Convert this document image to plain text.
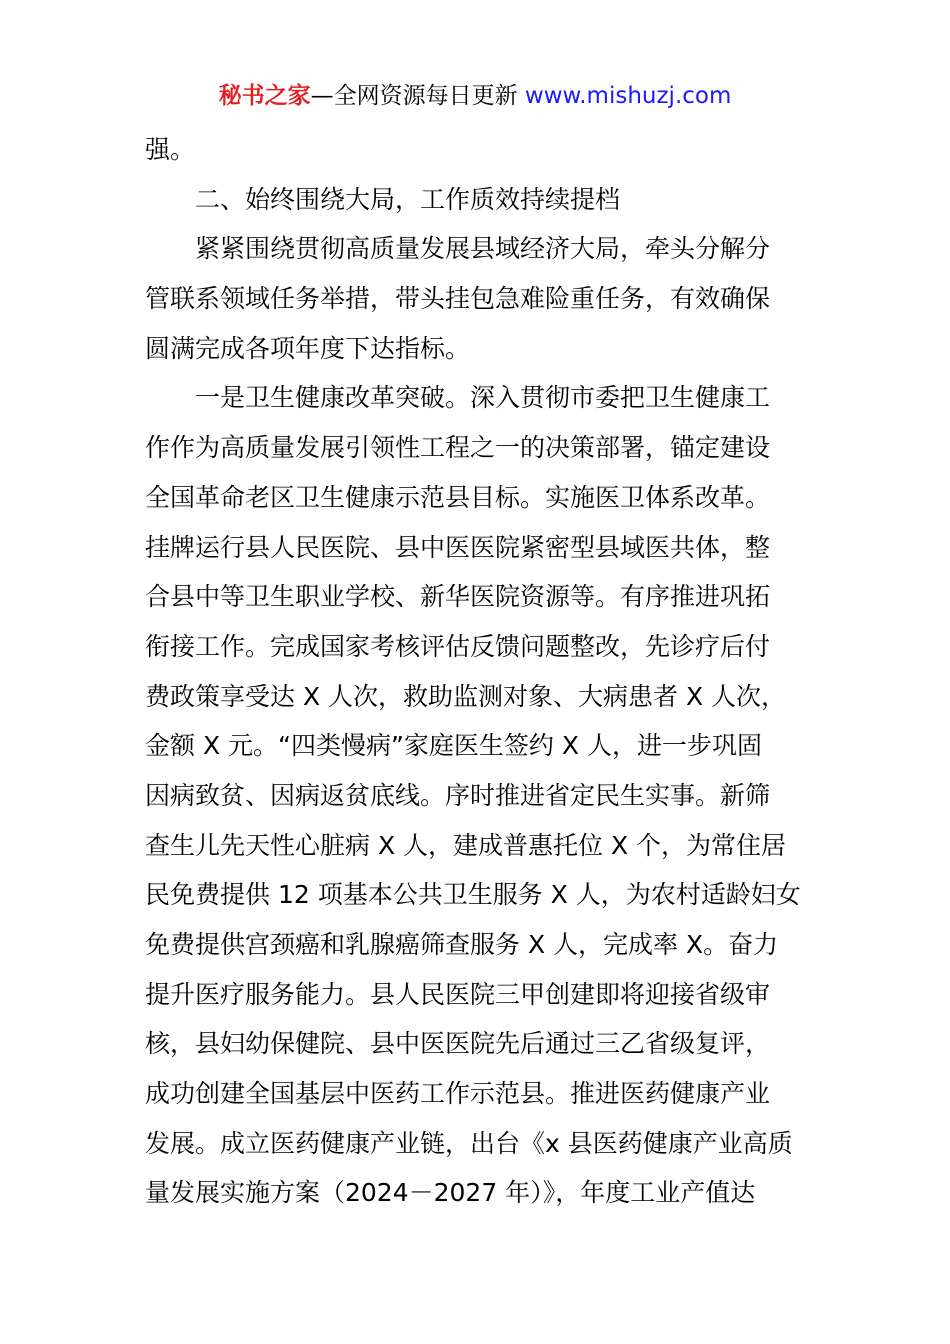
秘书之家—全网资源每日更新 www.mishuzj.com
强。
二、始终围绕大局，工作质效持续提档
紧紧围绕贯彻高质量发展县域经济大局，牵头分解分
管联系领域任务举措，带头挂包急难险重任务，有效确保
圆满完成各项年度下达指标。
一是卫生健康改革突破。深入贯彻市委把卫生健康工
作作为高质量发展引领性工程之一的决策部署，锚定建设
全国革命老区卫生健康示范县目标。实施医卫体系改革。
挂牌运行县人民医院、县中医医院紧密型县域医共体，整
合县中等卫生职业学校、新华医院资源等。有序推进巩拓
衔接工作。完成国家考核评估反馈问题整改，先诊疗后付
费政策享受达 X 人次，救助监测对象、大病患者 X 人次，
金额 X 元。“四类慢病”家庭医生签约 X 人，进一步巩固
因病致贫、因病返贫底线。序时推进省定民生实事。新筛
查生儿先天性心脏病 X 人，建成普惠托位 X 个，为常住居
民免费提供 12 项基本公共卫生服务 X 人，为农村适龄妇女
免费提供宫颈癌和乳腺癌筛查服务 X 人，完成率 X。奋力
提升医疗服务能力。县人民医院三甲创建即将迎接省级审
核，县妇幼保健院、县中医医院先后通过三乙省级复评，
成功创建全国基层中医药工作示范县。推进医药健康产业
发展。成立医药健康产业链，出台《x 县医药健康产业高质
量发展实施方案（2024－2027 年）》，年度工业产值达
